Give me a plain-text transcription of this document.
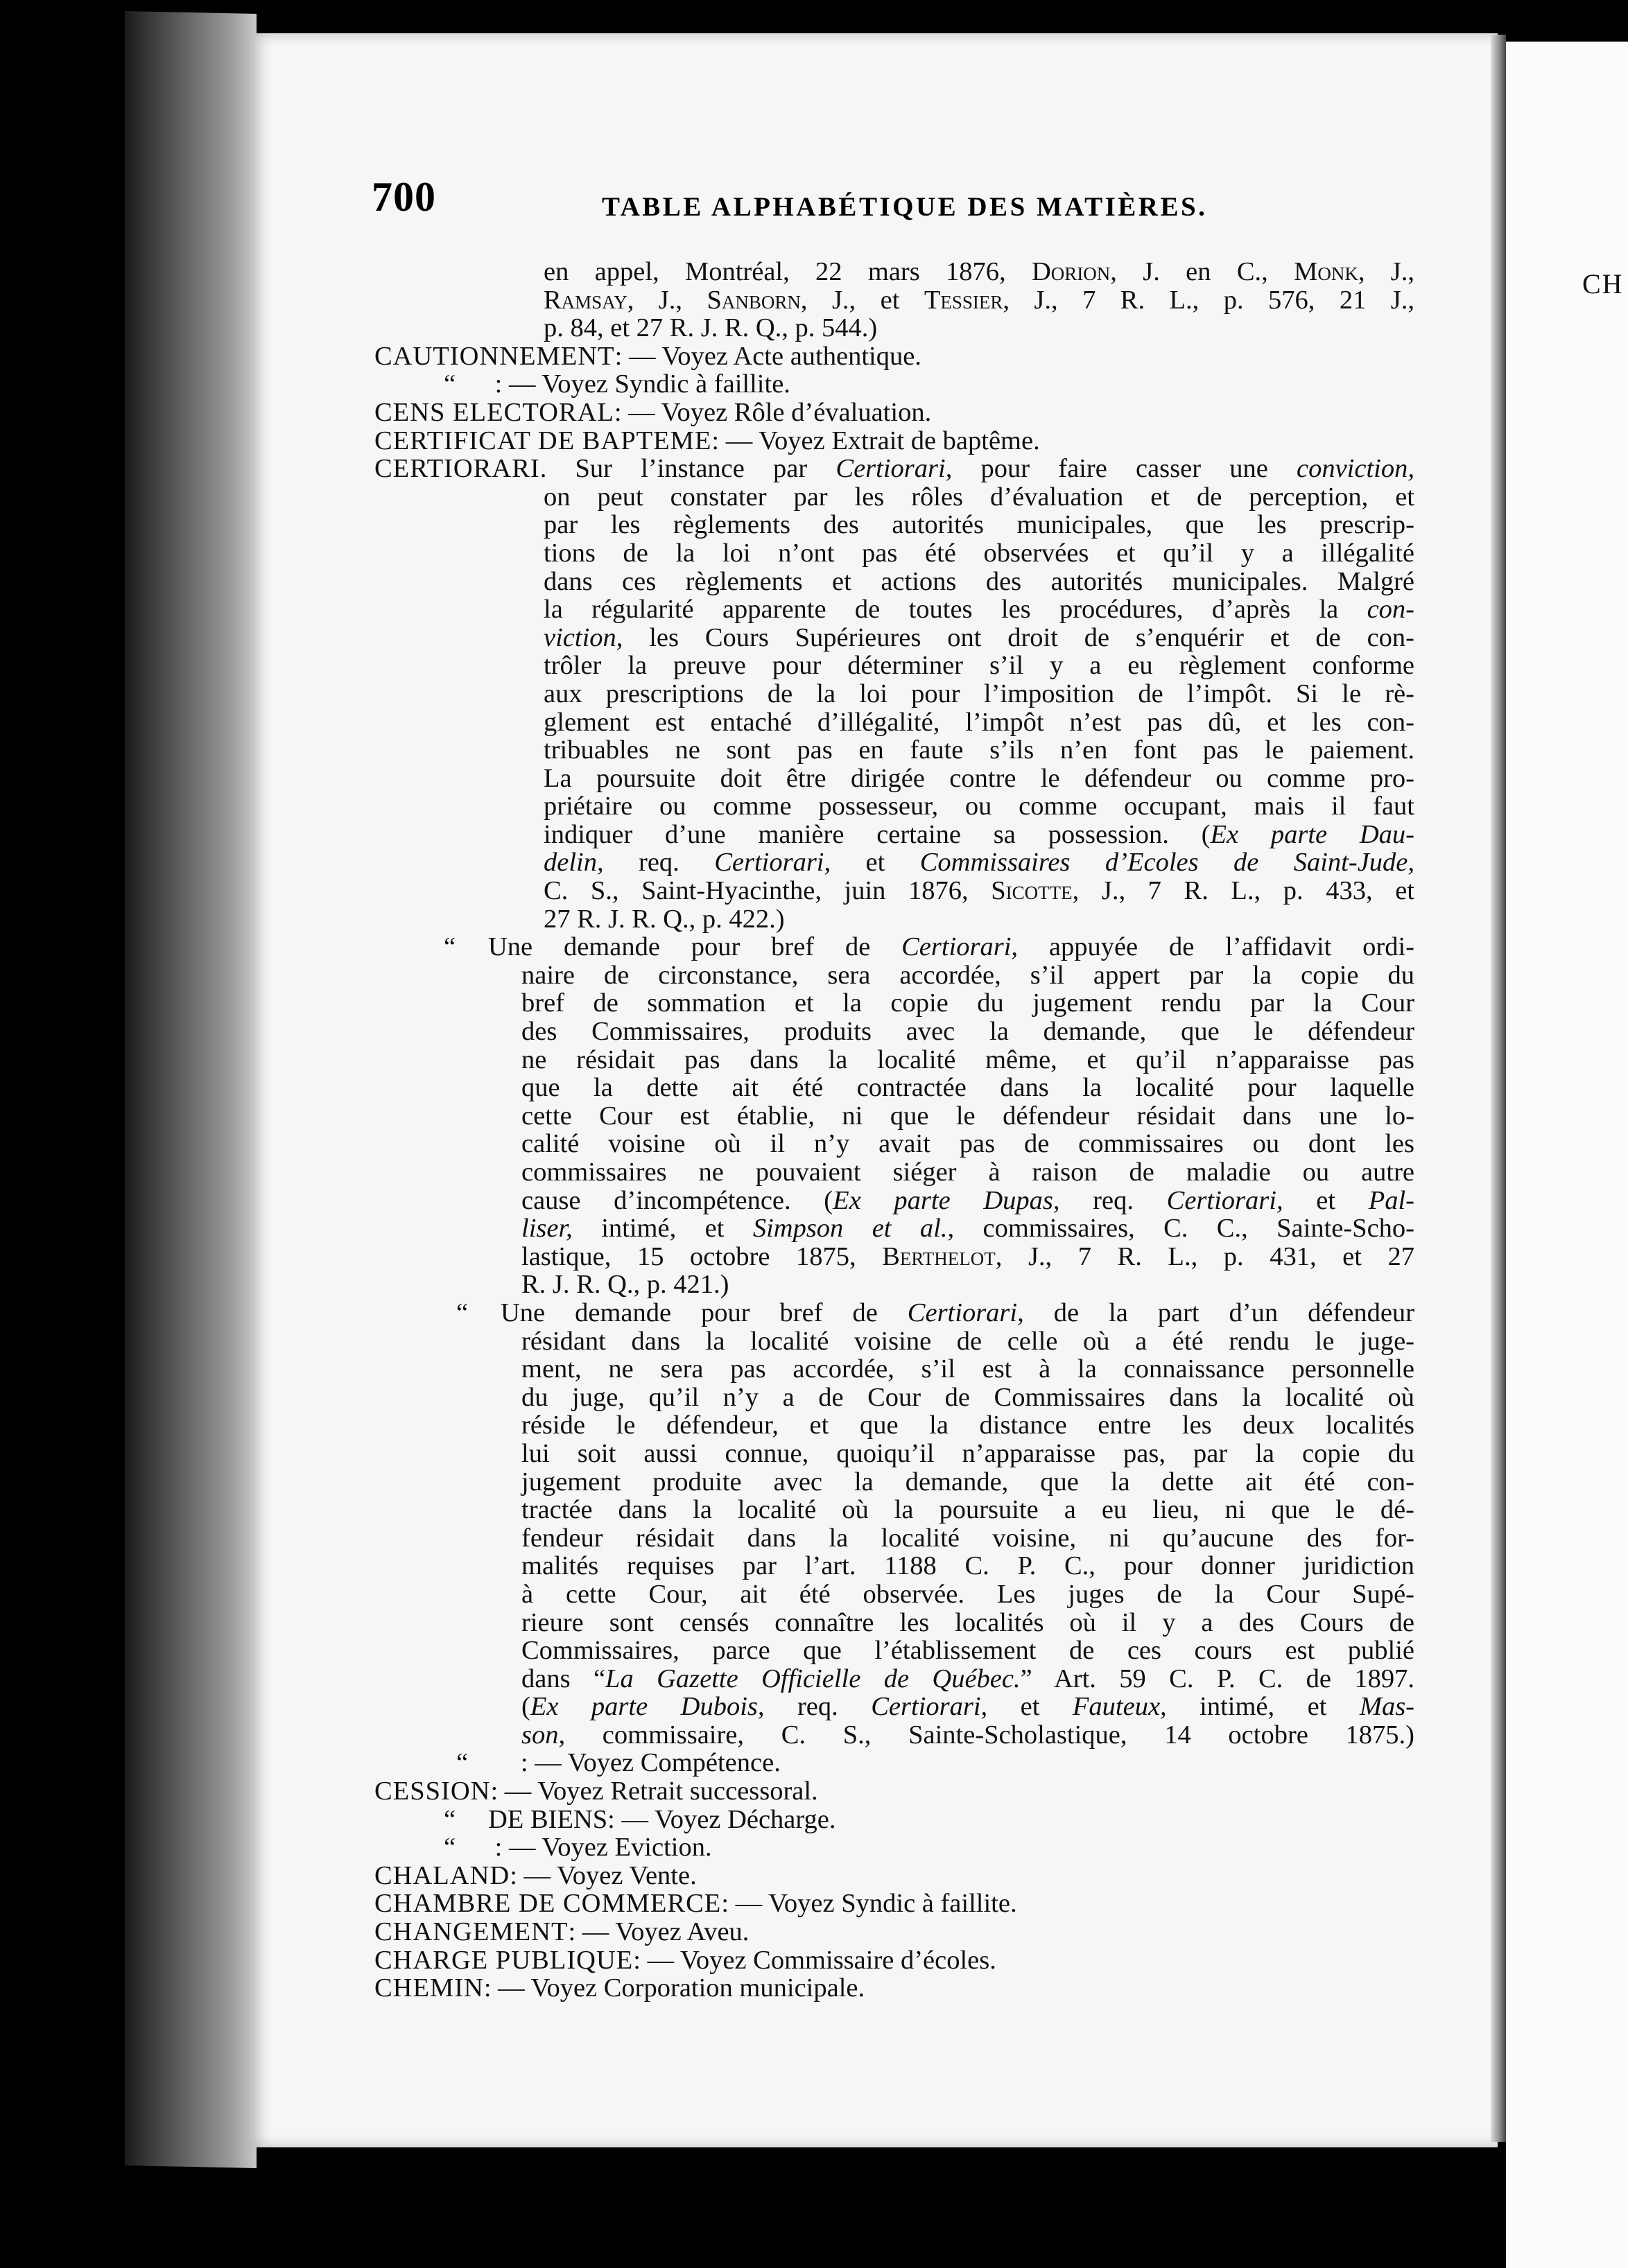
CH
700	TABLE ALPHABÉTIQUE DES MATIÈRES.
en appel, Montréal, 22 mars 1876, Dorion, J. en C., Monk, J.,
Ramsay, J., Sanborn, J., et Tessier, J., 7 R. L., p. 576, 21 J.,
p. 84, et 27 R. J. R. Q., p. 544.)
CAUTIONNEMENT: — Voyez Acte authentique.
“ : — Voyez Syndic à faillite.
CENS ELECTORAL: — Voyez Rôle d’évaluation.
CERTIFICAT DE BAPTEME: — Voyez Extrait de baptême.
CERTIORARI. Sur l’instance par Certiorari, pour faire casser une conviction,
on peut constater par les rôles d’évaluation et de perception, et
par les règlements des autorités municipales, que les prescrip-
tions de la loi n’ont pas été observées et qu’il y a illégalité
dans ces règlements et actions des autorités municipales. Malgré
la régularité apparente de toutes les procédures, d’après la con-
viction, les Cours Supérieures ont droit de s’enquérir et de con-
trôler la preuve pour déterminer s’il y a eu règlement conforme
aux prescriptions de la loi pour l’imposition de l’impôt. Si le rè-
glement est entaché d’illégalité, l’impôt n’est pas dû, et les con-
tribuables ne sont pas en faute s’ils n’en font pas le paiement.
La poursuite doit être dirigée contre le défendeur ou comme pro-
priétaire ou comme possesseur, ou comme occupant, mais il faut
indiquer d’une manière certaine sa possession. (Ex parte Dau-
delin, req. Certiorari, et Commissaires d’Ecoles de Saint-Jude,
C. S., Saint-Hyacinthe, juin 1876, Sicotte, J., 7 R. L., p. 433, et
27 R. J. R. Q., p. 422.)
“ Une demande pour bref de Certiorari, appuyée de l’affidavit ordi-
naire de circonstance, sera accordée, s’il appert par la copie du
bref de sommation et la copie du jugement rendu par la Cour
des Commissaires, produits avec la demande, que le défendeur
ne résidait pas dans la localité même, et qu’il n’apparaisse pas
que la dette ait été contractée dans la localité pour laquelle
cette Cour est établie, ni que le défendeur résidait dans une lo-
calité voisine où il n’y avait pas de commissaires ou dont les
commissaires ne pouvaient siéger à raison de maladie ou autre
cause d’incompétence. (Ex parte Dupas, req. Certiorari, et Pal-
liser, intimé, et Simpson et al., commissaires, C. C., Sainte-Scho-
lastique, 15 octobre 1875, Berthelot, J., 7 R. L., p. 431, et 27
R. J. R. Q., p. 421.)
“ Une demande pour bref de Certiorari, de la part d’un défendeur
résidant dans la localité voisine de celle où a été rendu le juge-
ment, ne sera pas accordée, s’il est à la connaissance personnelle
du juge, qu’il n’y a de Cour de Commissaires dans la localité où
réside le défendeur, et que la distance entre les deux localités
lui soit aussi connue, quoiqu’il n’apparaisse pas, par la copie du
jugement produite avec la demande, que la dette ait été con-
tractée dans la localité où la poursuite a eu lieu, ni que le dé-
fendeur résidait dans la localité voisine, ni qu’aucune des for-
malités requises par l’art. 1188 C. P. C., pour donner juridiction
à cette Cour, ait été observée. Les juges de la Cour Supé-
rieure sont censés connaître les localités où il y a des Cours de
Commissaires, parce que l’établissement de ces cours est publié
dans “La Gazette Officielle de Québec.” Art. 59 C. P. C. de 1897.
(Ex parte Dubois, req. Certiorari, et Fauteux, intimé, et Mas-
son, commissaire, C. S., Sainte-Scholastique, 14 octobre 1875.)
“   : — Voyez Compétence.
CESSION: — Voyez Retrait successoral.
“ DE BIENS: — Voyez Décharge.
“ : — Voyez Eviction.
CHALAND: — Voyez Vente.
CHAMBRE DE COMMERCE: — Voyez Syndic à faillite.
CHANGEMENT: — Voyez Aveu.
CHARGE PUBLIQUE: — Voyez Commissaire d’écoles.
CHEMIN: — Voyez Corporation municipale.
